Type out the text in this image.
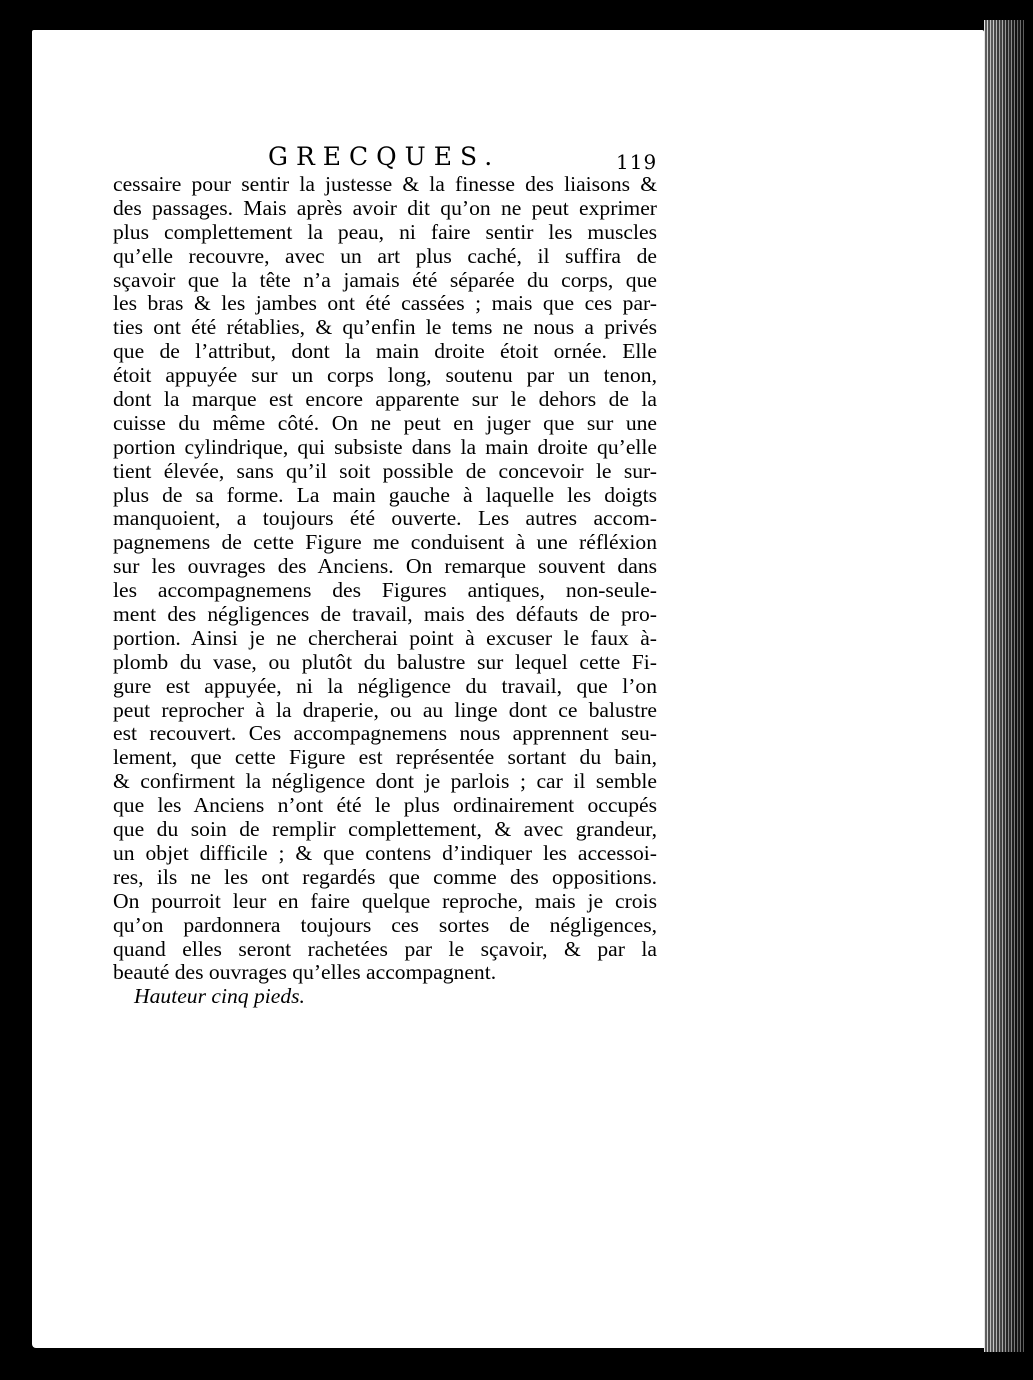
GRECQUES.	119
cessaire pour sentir la justesse & la finesse des liaisons &
des passages. Mais après avoir dit qu’on ne peut exprimer
plus complettement la peau, ni faire sentir les muscles
qu’elle recouvre, avec un art plus caché, il suffira de
sçavoir que la tête n’a jamais été séparée du corps, que
les bras & les jambes ont été cassées ; mais que ces par-
ties ont été rétablies, & qu’enfin le tems ne nous a privés
que de l’attribut, dont la main droite étoit ornée. Elle
étoit appuyée sur un corps long, soutenu par un tenon,
dont la marque est encore apparente sur le dehors de la
cuisse du même côté. On ne peut en juger que sur une
portion cylindrique, qui subsiste dans la main droite qu’elle
tient élevée, sans qu’il soit possible de concevoir le sur-
plus de sa forme. La main gauche à laquelle les doigts
manquoient, a toujours été ouverte. Les autres accom-
pagnemens de cette Figure me conduisent à une réfléxion
sur les ouvrages des Anciens. On remarque souvent dans
les accompagnemens des Figures antiques, non-seule-
ment des négligences de travail, mais des défauts de pro-
portion. Ainsi je ne chercherai point à excuser le faux à-
plomb du vase, ou plutôt du balustre sur lequel cette Fi-
gure est appuyée, ni la négligence du travail, que l’on
peut reprocher à la draperie, ou au linge dont ce balustre
est recouvert. Ces accompagnemens nous apprennent seu-
lement, que cette Figure est représentée sortant du bain,
& confirment la négligence dont je parlois ; car il semble
que les Anciens n’ont été le plus ordinairement occupés
que du soin de remplir complettement, & avec grandeur,
un objet difficile ; & que contens d’indiquer les accessoi-
res, ils ne les ont regardés que comme des oppositions.
On pourroit leur en faire quelque reproche, mais je crois
qu’on pardonnera toujours ces sortes de négligences,
quand elles seront rachetées par le sçavoir, & par la
beauté des ouvrages qu’elles accompagnent.
Hauteur cinq pieds.
